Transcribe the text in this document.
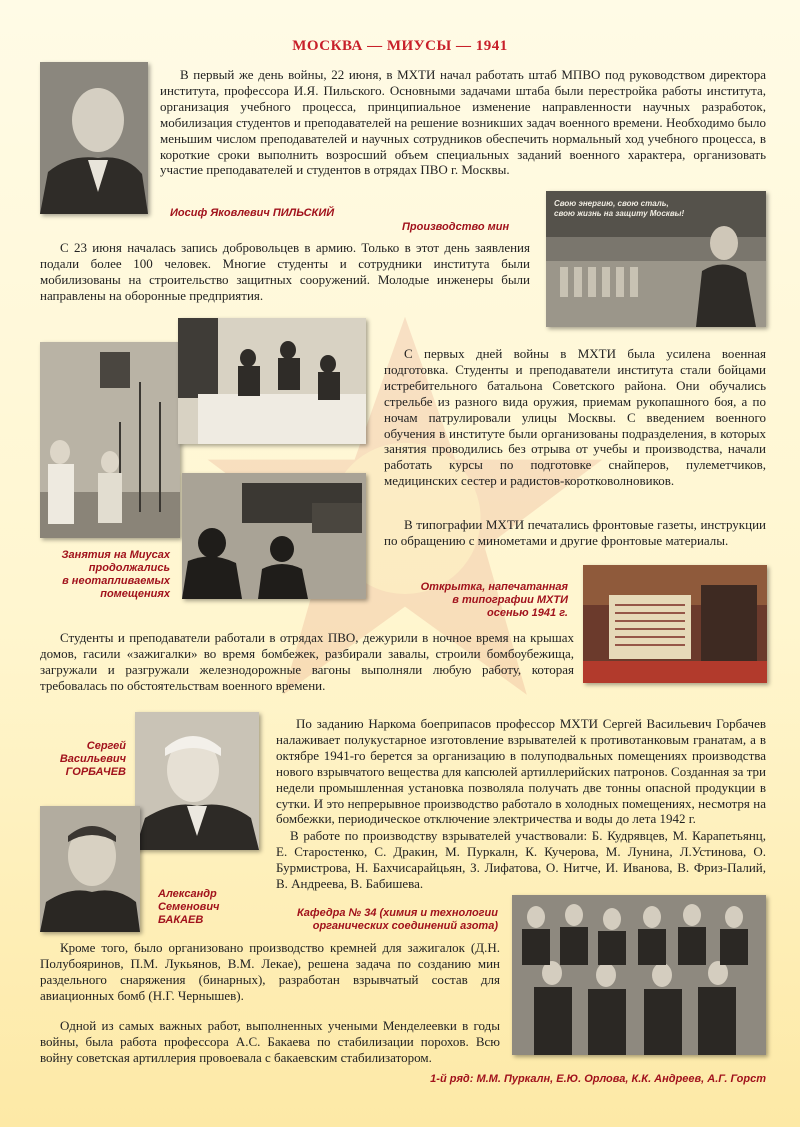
МОСКВА — МИУСЫ — 1941
Иосиф Яковлевич ПИЛЬСКИЙ

В первый же день войны, 22 июня, в МХТИ начал работать штаб МПВО под руководством директора института, профессора И.Я. Пильского. Основными задачами штаба были перестройка работы института, организация учебного процесса, принципиальное изменение направленности научных разработок, мобилизация студентов и преподавателей на решение возникших задач военного времени. Необходимо было меньшим числом преподавателей и научных сотрудников обеспечить нормальный ход учебного процесса, в короткие сроки выполнить возросший объем специальных заданий военного характера, организовать участие преподавателей и студентов в отрядах ПВО г. Москвы.

Производство мин
Свою энергию, свою сталь, свою жизнь на защиту Москвы!

С 23 июня началась запись добровольцев в армию. Только в этот день заявления подали более 100 человек. Многие студенты и сотрудники института были мобилизованы на строительство защитных сооружений. Молодые инженеры были направлены на оборонные предприятия.

Занятия на Миусах
продолжались
в неотапливаемых
помещениях

С первых дней войны в МХТИ была усилена военная подготовка. Студенты и преподаватели института стали бойцами истребительного батальона Советского района. Они обучались стрельбе из разного вида оружия, приемам рукопашного боя, а по ночам патрулировали улицы Москвы. С введением военного обучения в институте были организованы подразделения, в которых занятия проводились без отрыва от учебы и производства, начали работать курсы по подготовке снайперов, пулеметчиков, медицинских сестер и радистов-коротковолновиков.

В типографии МХТИ печатались фронтовые газеты, инструкции по обращению с минометами и другие фронтовые материалы.

Открытка, напечатанная
в типографии МХТИ
осенью 1941 г.

Студенты и преподаватели работали в отрядах ПВО, дежурили в ночное время на крышах домов, гасили «зажигалки» во время бомбежек, разбирали завалы, строили бомбоубежища, загружали и разгружали железнодорожные вагоны выполняли любую работу, которая требовалась по обстоятельствам военного времени.

Сергей
Васильевич
ГОРБАЧЕВ
Александр
Семенович
БАКАЕВ

По заданию Наркома боеприпасов профессор МХТИ Сергей Васильевич Горбачев налаживает полукустарное изготовление взрывателей к противотанковым гранатам, а в октябре 1941-го берется за организацию в полуподвальных помещениях производства нового взрывчатого вещества для капсюлей артиллерийских патронов. Созданная за три недели промышленная установка позволяла получать две тонны опасной продукции в сутки. И это непрерывное производство работало в холодных помещениях, несмотря на бомбежки, периодическое отключение электричества и воды до лета 1942 г.

В работе по производству взрывателей участвовали: Б. Кудрявцев, М. Карапетьянц, Е. Старостенко, С. Дракин, М. Пуркалн, К. Кучерова, М. Лунина, Л.Устинова, О. Бурмистрова, Н. Бахчисарайцьян, З. Лифатова, О. Нитче, И. Иванова, В. Фриз-Палий, В. Андреева, В. Бабишева.

Кафедра № 34 (химия и технологии
органических соединений азота)

Кроме того, было организовано производство кремней для зажигалок (Д.Н. Полубояринов, П.М. Лукьянов, В.М. Лекае), решена задача по созданию мин раздельного снаряжения (бинарных), разработан взрывчатый состав для авиационных бомб (Н.Г. Чернышев).

Одной из самых важных работ, выполненных учеными Менделеевки в годы войны, была работа профессора А.С. Бакаева по стабилизации порохов. Всю войну советская артиллерия провоевала с бакаевским стабилизатором.

1-й ряд: М.М. Пуркалн, Е.Ю. Орлова, К.К. Андреев, А.Г. Горст
